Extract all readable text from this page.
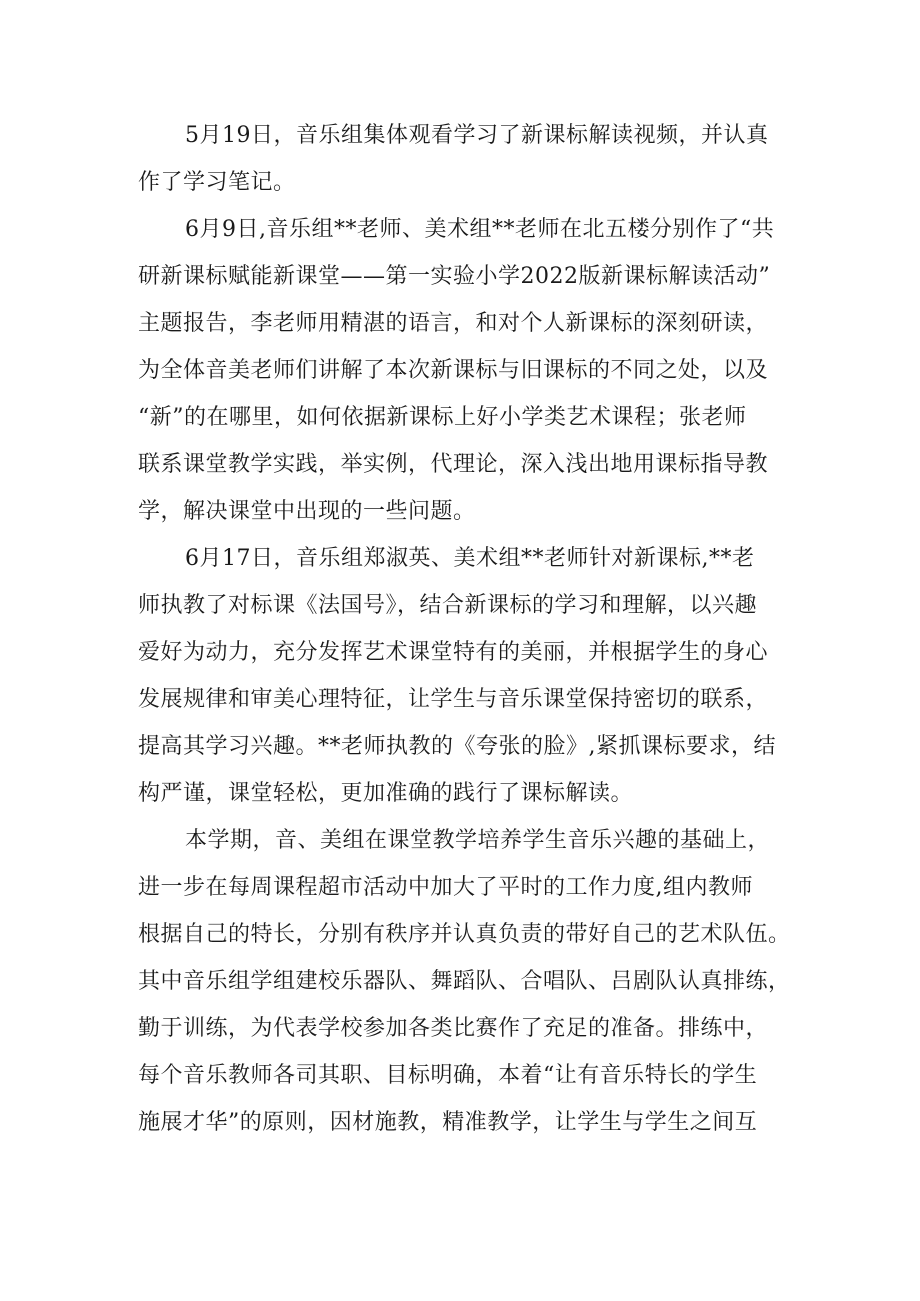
5月19日，音乐组集体观看学习了新课标解读视频，并认真
作了学习笔记。
6月9日,音乐组**老师、美术组**老师在北五楼分别作了“共
研新课标赋能新课堂——第一实验小学2022版新课标解读活动”
主题报告，李老师用精湛的语言，和对个人新课标的深刻研读，
为全体音美老师们讲解了本次新课标与旧课标的不同之处，以及
“新”的在哪里，如何依据新课标上好小学类艺术课程；张老师
联系课堂教学实践，举实例，代理论，深入浅出地用课标指导教
学，解决课堂中出现的一些问题。
6月17日，音乐组郑淑英、美术组**老师针对新课标,**老
师执教了对标课《法国号》，结合新课标的学习和理解，以兴趣
爱好为动力，充分发挥艺术课堂特有的美丽，并根据学生的身心
发展规律和审美心理特征，让学生与音乐课堂保持密切的联系，
提高其学习兴趣。**老师执教的《夸张的脸》,紧抓课标要求，结
构严谨，课堂轻松，更加准确的践行了课标解读。
本学期，音、美组在课堂教学培养学生音乐兴趣的基础上，
进一步在每周课程超市活动中加大了平时的工作力度,组内教师
根据自己的特长，分别有秩序并认真负责的带好自己的艺术队伍。
其中音乐组学组建校乐器队、舞蹈队、合唱队、吕剧队认真排练，
勤于训练，为代表学校参加各类比赛作了充足的准备。排练中，
每个音乐教师各司其职、目标明确，本着“让有音乐特长的学生
施展才华”的原则，因材施教，精准教学，让学生与学生之间互
